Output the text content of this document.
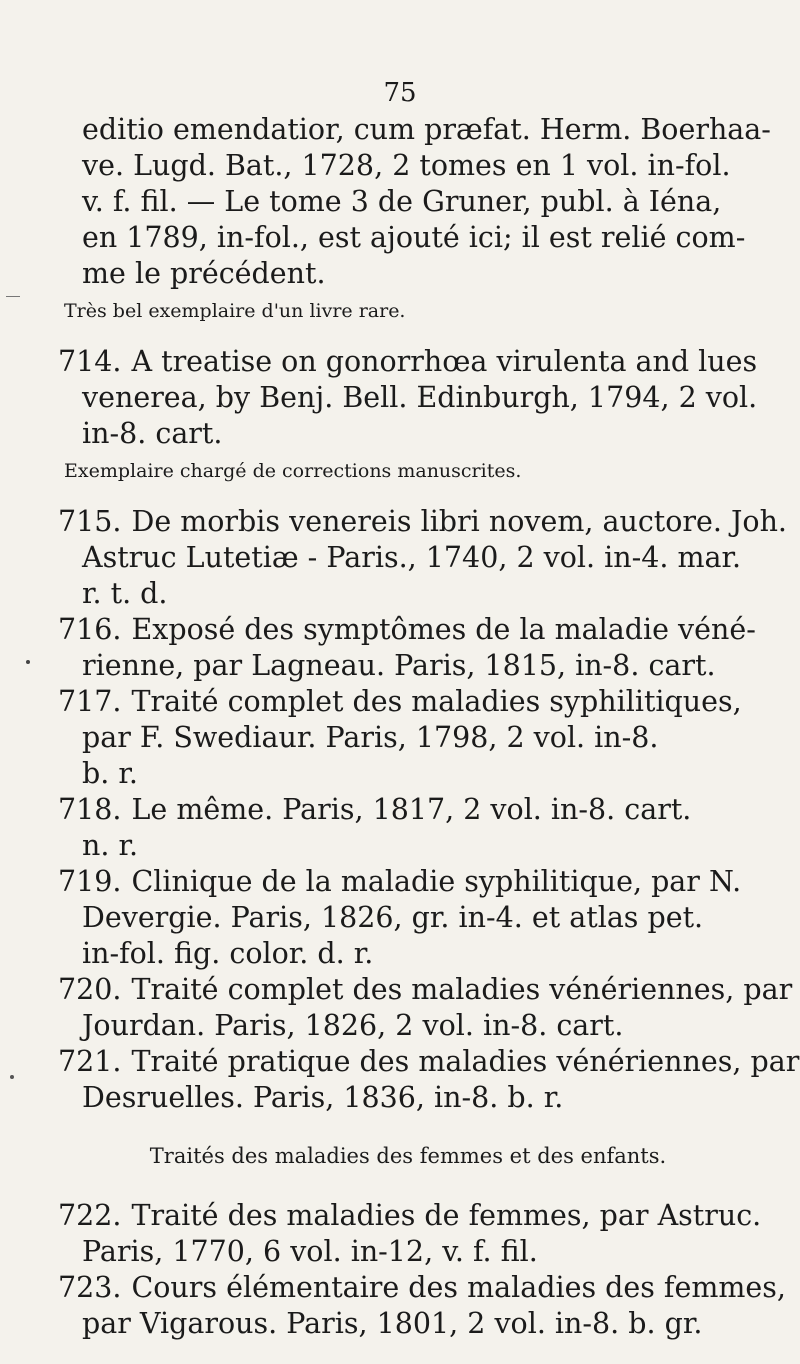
75

editio emendatior, cum præfat. Herm. Boerhaa-
ve. Lugd. Bat., 1728, 2 tomes en 1 vol. in-fol.
v. f. fil. — Le tome 3 de Gruner, publ. à Iéna,
en 1789, in-fol., est ajouté ici; il est relié com-
me le précédent.

Très bel exemplaire d'un livre rare.

714. A treatise on gonorrhœa virulenta and lues
venerea, by Benj. Bell. Edinburgh, 1794, 2 vol.
in-8. cart.

Exemplaire chargé de corrections manuscrites.

715. De morbis venereis libri novem, auctore. Joh.
Astruc Lutetiæ - Paris., 1740, 2 vol. in-4. mar.
r. t. d.

716. Exposé des symptômes de la maladie véné-
rienne, par Lagneau. Paris, 1815, in-8. cart.

717. Traité complet des maladies syphilitiques,
par F. Swediaur. Paris, 1798, 2 vol. in-8.
b. r.

718. Le même. Paris, 1817, 2 vol. in-8. cart.
n. r.

719. Clinique de la maladie syphilitique, par N.
Devergie. Paris, 1826, gr. in-4. et atlas pet.
in-fol. fig. color. d. r.

720. Traité complet des maladies vénériennes, par
Jourdan. Paris, 1826, 2 vol. in-8. cart.

721. Traité pratique des maladies vénériennes, par
Desruelles. Paris, 1836, in-8. b. r.

Traités des maladies des femmes et des enfants.

722. Traité des maladies de femmes, par Astruc.
Paris, 1770, 6 vol. in-12, v. f. fil.

723. Cours élémentaire des maladies des femmes,
par Vigarous. Paris, 1801, 2 vol. in-8. b. gr.
